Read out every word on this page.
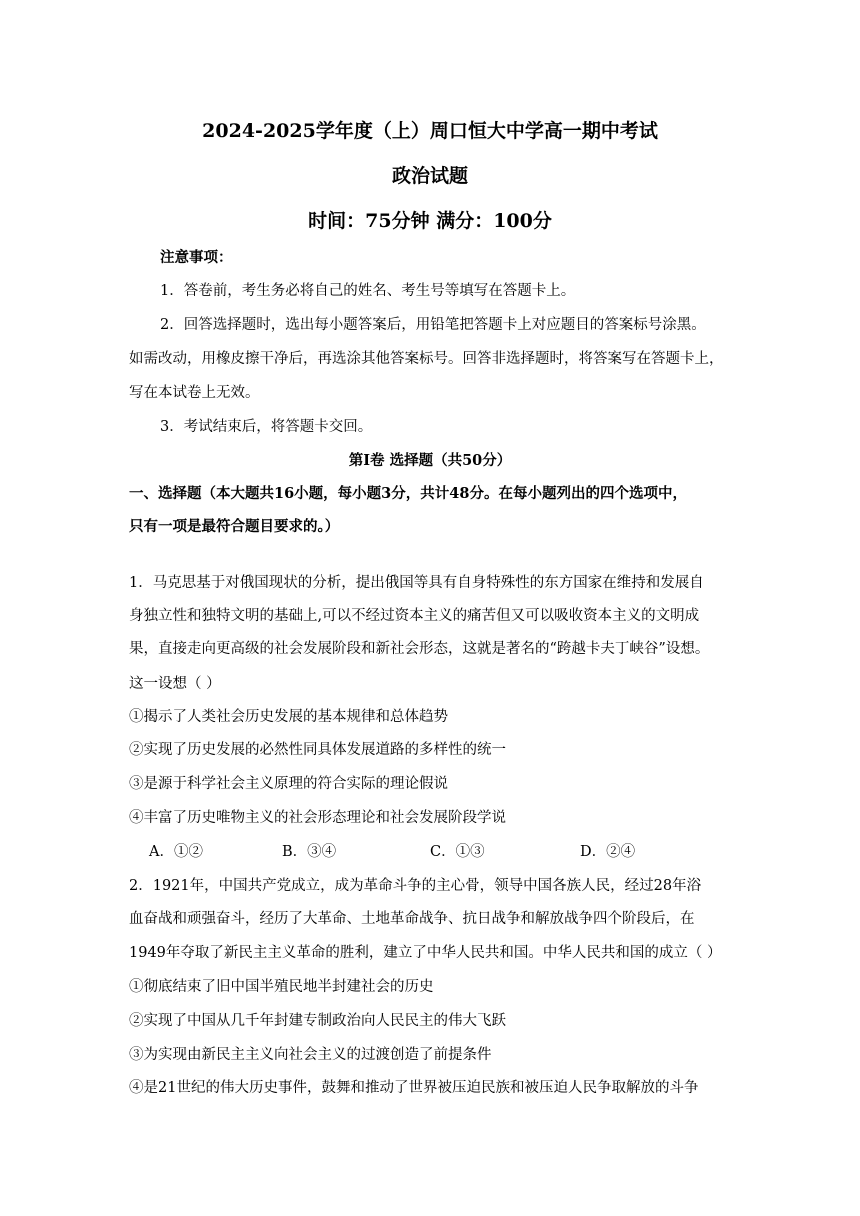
2024-2025学年度（上）周口恒大中学高一期中考试
政治试题
时间：75分钟 满分：100分
注意事项：
1．答卷前，考生务必将自己的姓名、考生号等填写在答题卡上。
2．回答选择题时，选出每小题答案后，用铅笔把答题卡上对应题目的答案标号涂黑。
如需改动，用橡皮擦干净后，再选涂其他答案标号。回答非选择题时，将答案写在答题卡上，
写在本试卷上无效。
3．考试结束后，将答题卡交回。
第Ⅰ卷 选择题（共50分）
一、选择题（本大题共16小题，每小题3分，共计48分。在每小题列出的四个选项中，
只有一项是最符合题目要求的。）
1．马克思基于对俄国现状的分析，提出俄国等具有自身特殊性的东方国家在维持和发展自
身独立性和独特文明的基础上,可以不经过资本主义的痛苦但又可以吸收资本主义的文明成
果，直接走向更高级的社会发展阶段和新社会形态，这就是著名的“跨越卡夫丁峡谷”设想。
这一设想（ ）
①揭示了人类社会历史发展的基本规律和总体趋势
②实现了历史发展的必然性同具体发展道路的多样性的统一
③是源于科学社会主义原理的符合实际的理论假说
④丰富了历史唯物主义的社会形态理论和社会发展阶段学说
A．①②	B．③④	C．①③	D．②④
2．1921年，中国共产党成立，成为革命斗争的主心骨，领导中国各族人民，经过28年浴
血奋战和顽强奋斗，经历了大革命、土地革命战争、抗日战争和解放战争四个阶段后，在
1949年夺取了新民主主义革命的胜利，建立了中华人民共和国。中华人民共和国的成立（ ）
①彻底结束了旧中国半殖民地半封建社会的历史
②实现了中国从几千年封建专制政治向人民民主的伟大飞跃
③为实现由新民主主义向社会主义的过渡创造了前提条件
④是21世纪的伟大历史事件，鼓舞和推动了世界被压迫民族和被压迫人民争取解放的斗争
